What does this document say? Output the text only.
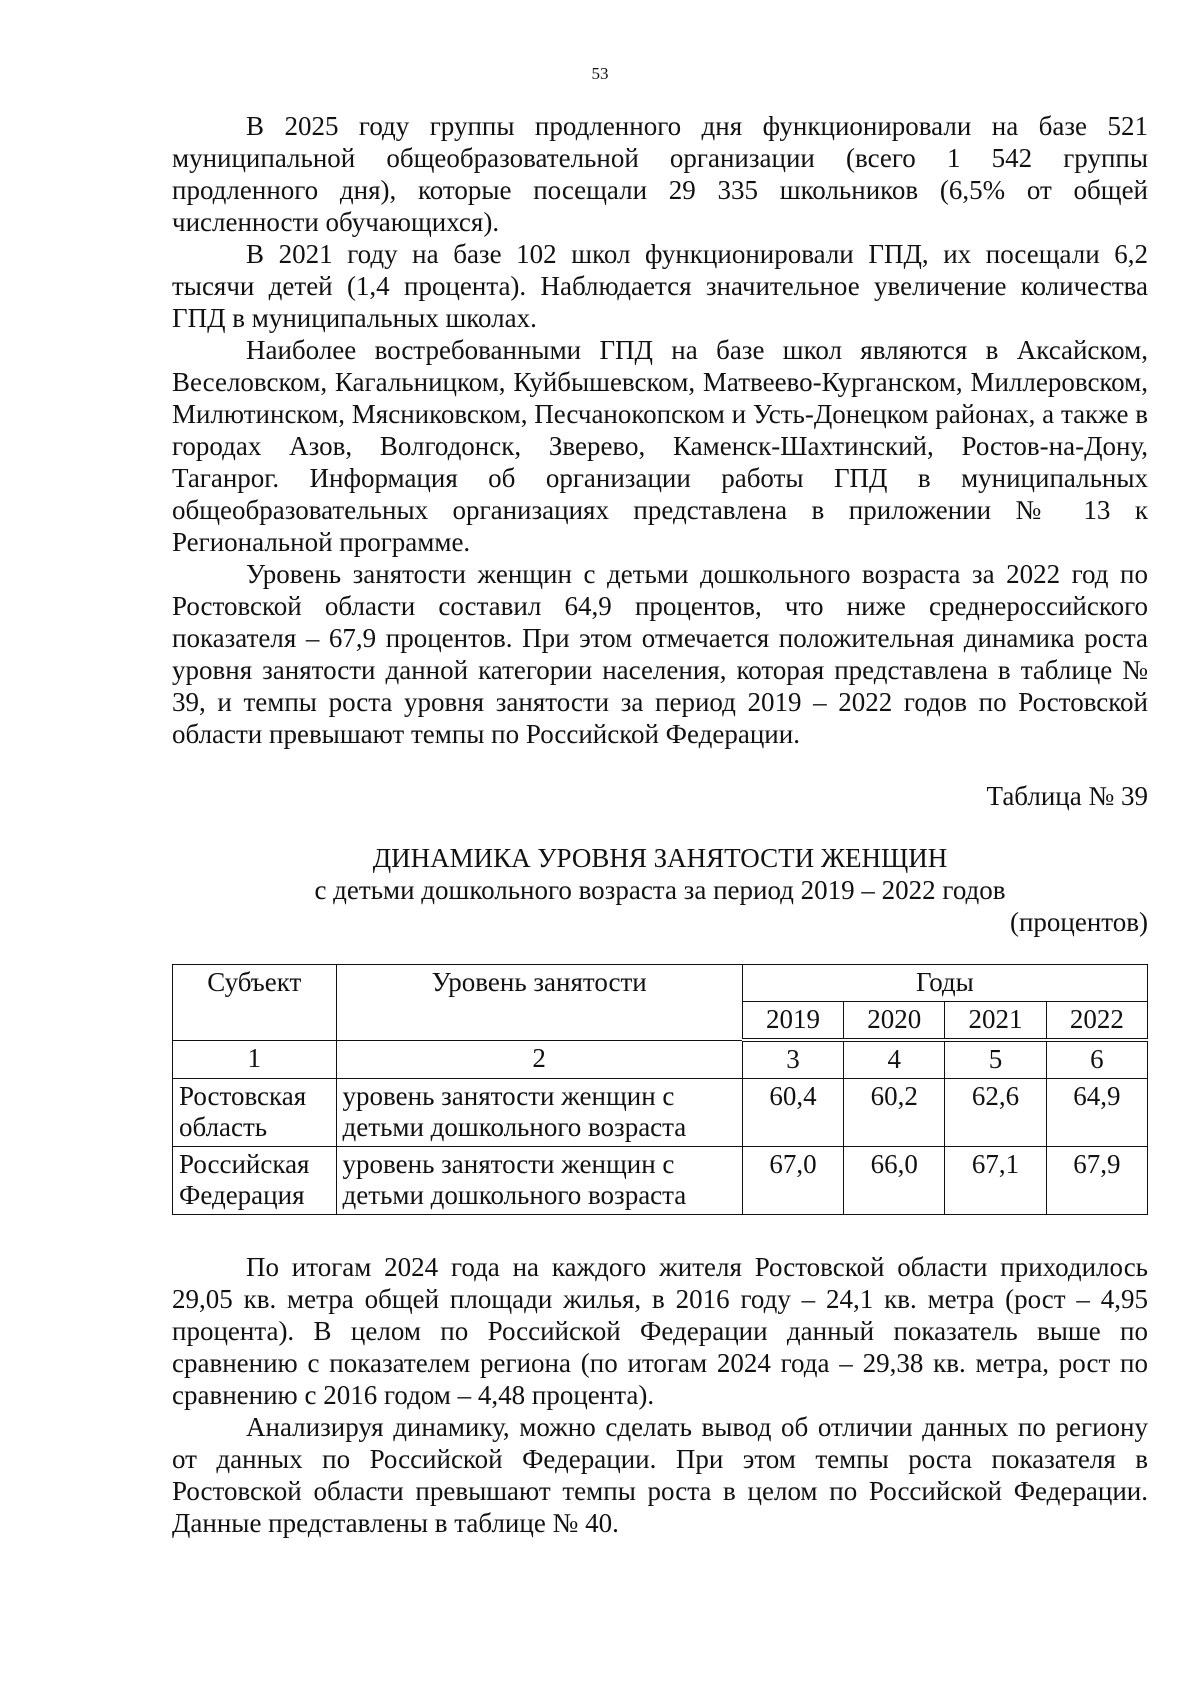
53

В 2025 году группы продленного дня функционировали на базе 521 муниципальной общеобразовательной организации (всего 1 542 группы продленного дня), которые посещали 29 335 школьников (6,5% от общей численности обучающихся).

В 2021 году на базе 102 школ функционировали ГПД, их посещали 6,2 тысячи детей (1,4 процента). Наблюдается значительное увеличение количества ГПД в муниципальных школах.

Наиболее востребованными ГПД на базе школ являются в Аксайском, Веселовском, Кагальницком, Куйбышевском, Матвеево-Курганском, Миллеровском, Милютинском, Мясниковском, Песчанокопском и Усть-Донецком районах, а также в городах Азов, Волгодонск, Зверево, Каменск-Шахтинский, Ростов-на-Дону, Таганрог. Информация об организации работы ГПД в муниципальных общеобразовательных организациях представлена в приложении № 13 к Региональной программе.

Уровень занятости женщин с детьми дошкольного возраста за 2022 год по Ростовской области составил 64,9 процентов, что ниже среднероссийского показателя – 67,9 процентов. При этом отмечается положительная динамика роста уровня занятости данной категории населения, которая представлена в таблице № 39, и темпы роста уровня занятости за период 2019 – 2022 годов по Ростовской области превышают темпы по Российской Федерации.

Таблица № 39

ДИНАМИКА УРОВНЯ ЗАНЯТОСТИ ЖЕНЩИН

с детьми дошкольного возраста за период 2019 – 2022 годов

(процентов)

Субъект	Уровень занятости	Годы			
		2019	2020	2021	2022
1	2	3	4	5	6
Ростовская область	уровень занятости женщин с детьми дошкольного возраста	60,4	60,2	62,6	64,9
Российская Федерация	уровень занятости женщин с детьми дошкольного возраста	67,0	66,0	67,1	67,9

По итогам 2024 года на каждого жителя Ростовской области приходилось 29,05 кв. метра общей площади жилья, в 2016 году – 24,1 кв. метра (рост – 4,95 процента). В целом по Российской Федерации данный показатель выше по сравнению с показателем региона (по итогам 2024 года – 29,38 кв. метра, рост по сравнению с 2016 годом – 4,48 процента).

Анализируя динамику, можно сделать вывод об отличии данных по региону от данных по Российской Федерации. При этом темпы роста показателя в Ростовской области превышают темпы роста в целом по Российской Федерации. Данные представлены в таблице № 40.
